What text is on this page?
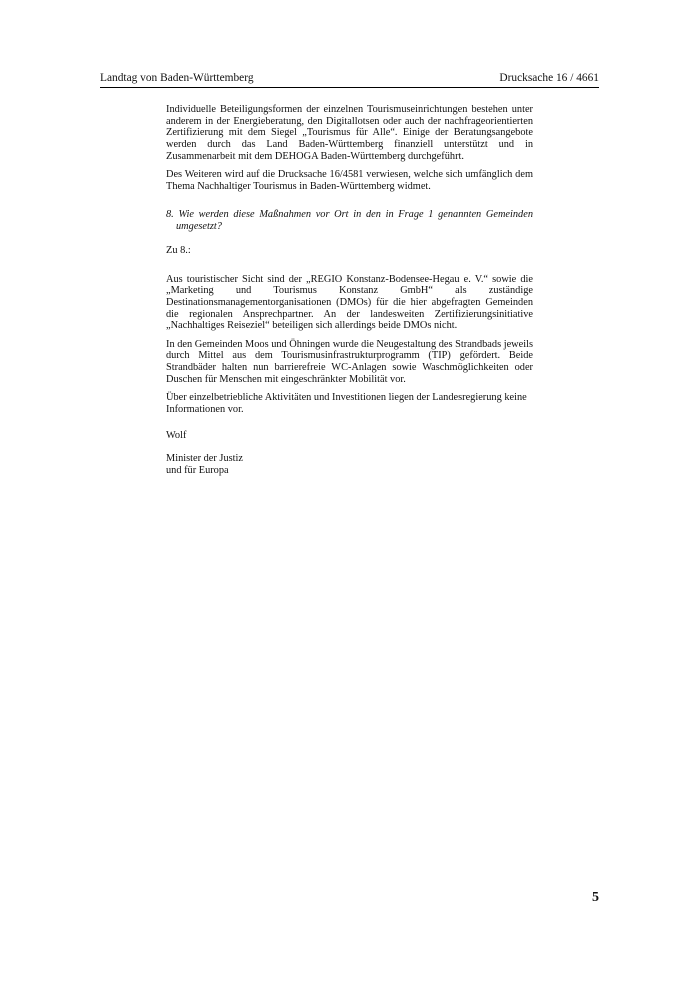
Landtag von Baden-Württemberg	Drucksache 16 / 4661

Individuelle Beteiligungsformen der einzelnen Tourismuseinrichtungen bestehen unter anderem in der Energieberatung, den Digitallotsen oder auch der nachfrageorientierten Zertifizierung mit dem Siegel „Tourismus für Alle“. Einige der Beratungsangebote werden durch das Land Baden-Württemberg finanziell unterstützt und in Zusammenarbeit mit dem DEHOGA Baden-Württemberg durchgeführt.

Des Weiteren wird auf die Drucksache 16/4581 verwiesen, welche sich umfänglich dem Thema Nachhaltiger Tourismus in Baden-Württemberg widmet.

8. Wie werden diese Maßnahmen vor Ort in den in Frage 1 genannten Gemeinden umgesetzt?

Zu 8.:

Aus touristischer Sicht sind der „REGIO Konstanz-Bodensee-Hegau e. V.“ sowie die „Marketing und Tourismus Konstanz GmbH“ als zuständige Destinationsmanagementorganisationen (DMOs) für die hier abgefragten Gemeinden die regionalen Ansprechpartner. An der landesweiten Zertifizierungsinitiative „Nachhaltiges Reiseziel“ beteiligen sich allerdings beide DMOs nicht.

In den Gemeinden Moos und Öhningen wurde die Neugestaltung des Strandbads jeweils durch Mittel aus dem Tourismusinfrastrukturprogramm (TIP) gefördert. Beide Strandbäder halten nun barrierefreie WC-Anlagen sowie Waschmöglichkeiten oder Duschen für Menschen mit eingeschränkter Mobilität vor.

Über einzelbetriebliche Aktivitäten und Investitionen liegen der Landesregierung keine Informationen vor.

Wolf

Minister der Justiz

und für Europa

5
